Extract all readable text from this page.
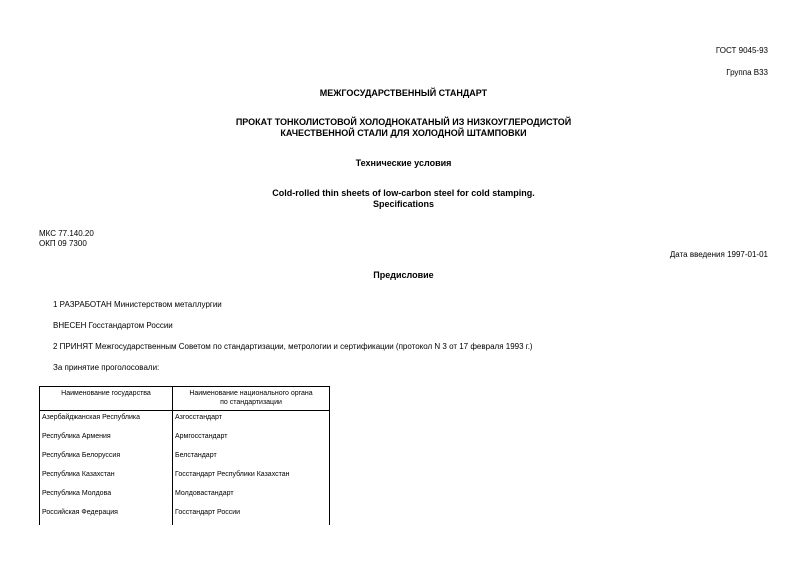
ГОСТ 9045-93
Группа В33
МЕЖГОСУДАРСТВЕННЫЙ СТАНДАРТ
ПРОКАТ ТОНКОЛИСТОВОЙ ХОЛОДНОКАТАНЫЙ ИЗ НИЗКОУГЛЕРОДИСТОЙ
КАЧЕСТВЕННОЙ СТАЛИ ДЛЯ ХОЛОДНОЙ ШТАМПОВКИ
Технические условия
Cold-rolled thin sheets of low-carbon steel for cold stamping.
Specifications
МКС 77.140.20
ОКП 09 7300
Дата введения 1997-01-01
Предисловие
1 РАЗРАБОТАН Министерством металлургии
ВНЕСЕН Госстандартом России
2 ПРИНЯТ Межгосударственным Советом по стандартизации, метрологии и сертификации (протокол N 3 от 17 февраля 1993 г.)
За принятие проголосовали:
Наименование государства	Наименование национального органа
по стандартизации

Азербайджанская Республика	Азгосстандарт
Республика Армения	Армгосстандарт
Республика Белоруссия	Белстандарт
Республика Казахстан	Госстандарт Республики Казахстан
Республика Молдова	Молдовастандарт
Российская Федерация	Госстандарт России
